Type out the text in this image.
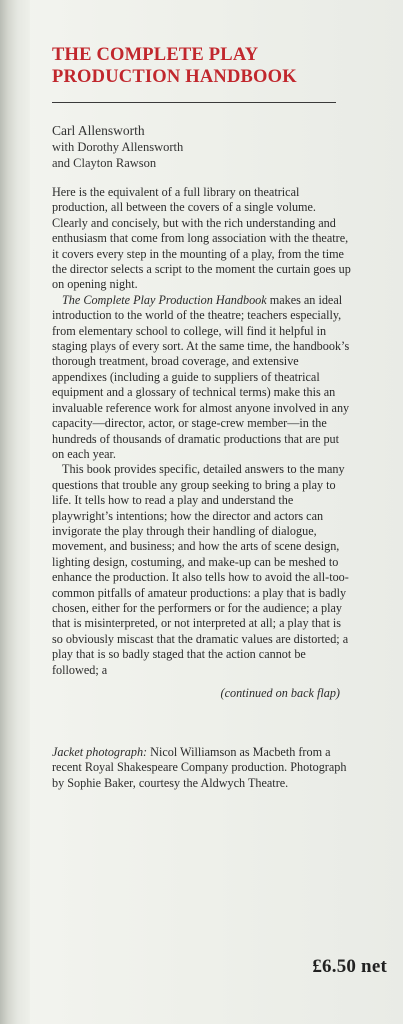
THE COMPLETE PLAY
PRODUCTION HANDBOOK
Carl Allensworth
with Dorothy Allensworth
and Clayton Rawson

Here is the equivalent of a full library on theatrical production, all between the covers of a single volume. Clearly and concisely, but with the rich understanding and enthusiasm that come from long association with the theatre, it covers every step in the mounting of a play, from the time the director selects a script to the moment the curtain goes up on opening night.

The Complete Play Production Handbook makes an ideal introduction to the world of the theatre; teachers especially, from elementary school to college, will find it helpful in staging plays of every sort. At the same time, the handbook’s thorough treatment, broad coverage, and extensive appendixes (including a guide to suppliers of theatrical equipment and a glossary of technical terms) make this an invaluable reference work for almost anyone involved in any capacity—director, actor, or stage-crew member—in the hundreds of thousands of dramatic productions that are put on each year.

This book provides specific, detailed answers to the many questions that trouble any group seeking to bring a play to life. It tells how to read a play and understand the playwright’s intentions; how the director and actors can invigorate the play through their handling of dialogue, movement, and business; and how the arts of scene design, lighting design, costuming, and make-up can be meshed to enhance the production. It also tells how to avoid the all-too-common pitfalls of amateur productions: a play that is badly chosen, either for the performers or for the audience; a play that is misinterpreted, or not interpreted at all; a play that is so obviously miscast that the dramatic values are distorted; a play that is so badly staged that the action cannot be followed; a

(continued on back flap)
Jacket photograph: Nicol Williamson as Macbeth from a recent Royal Shakespeare Company production. Photograph by Sophie Baker, courtesy the Aldwych Theatre.
£6.50 net
